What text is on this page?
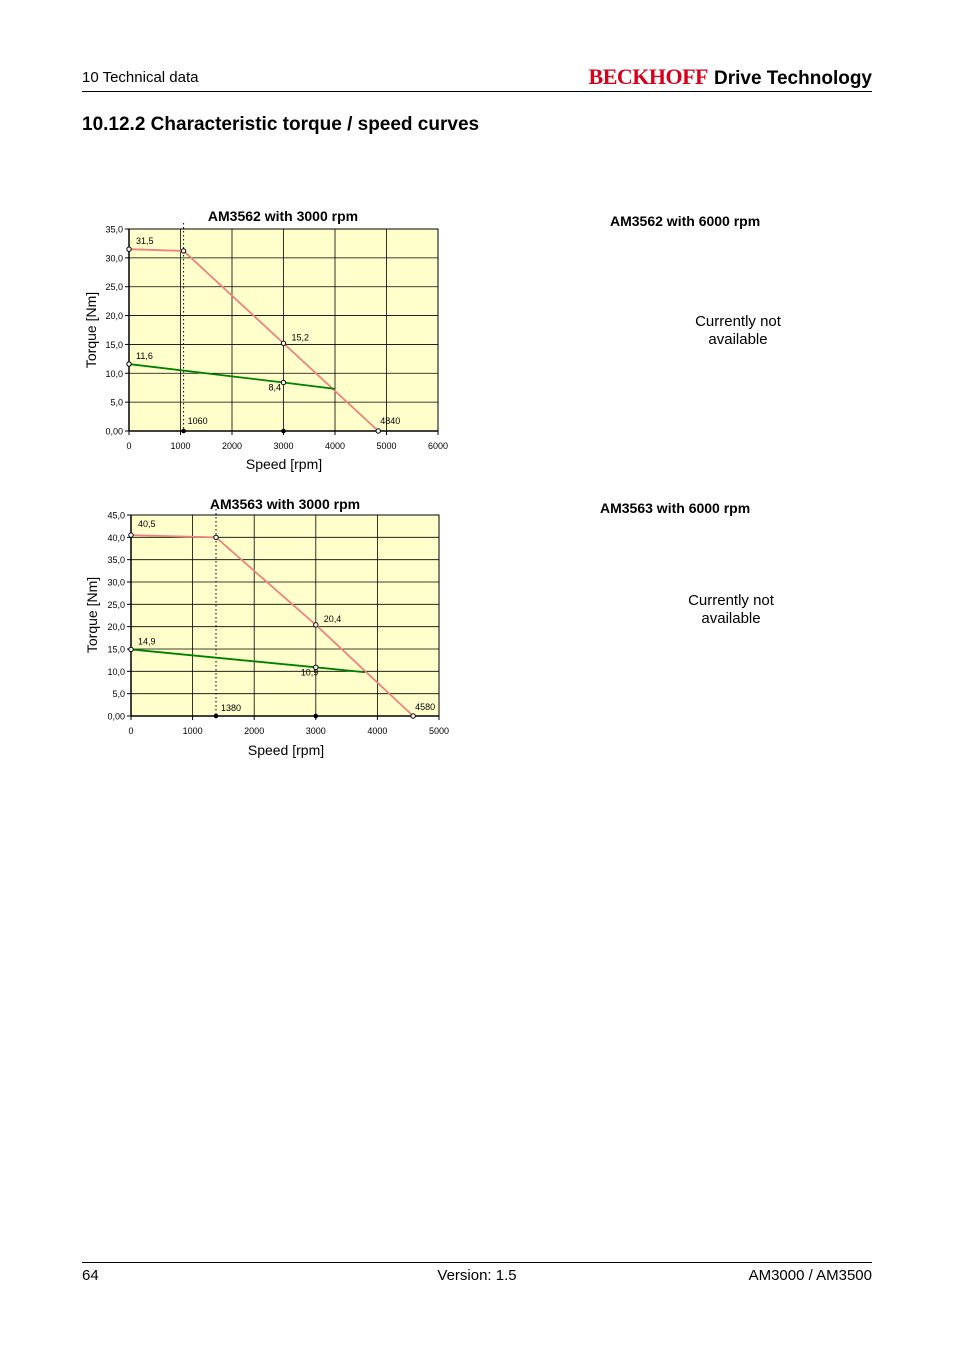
10 Technical data	BECKHOFF Drive Technology
10.12.2 Characteristic torque / speed curves
0,00
5,0
10,0
15,0
20,0
25,0
30,0
35,0
0	1000	2000	3000	4000	5000	6000
31,5
15,2
11,6
8,4
1060	4840
AM3562 with 3000 rpm
Speed [rpm]
Torque [Nm]
0,00
5,0
10,0
15,0
20,0
25,0
30,0
35,0
40,0
45,0
0	1000	2000	3000	4000	5000
40,5
20,4
14,9
10,9
1380	4580
AM3563 with 3000 rpm
Speed [rpm]
Torque [Nm]
AM3562 with 6000 rpm
Currently not
available
AM3563 with 6000 rpm
Currently not
available
64	Version: 1.5	AM3000 / AM3500
